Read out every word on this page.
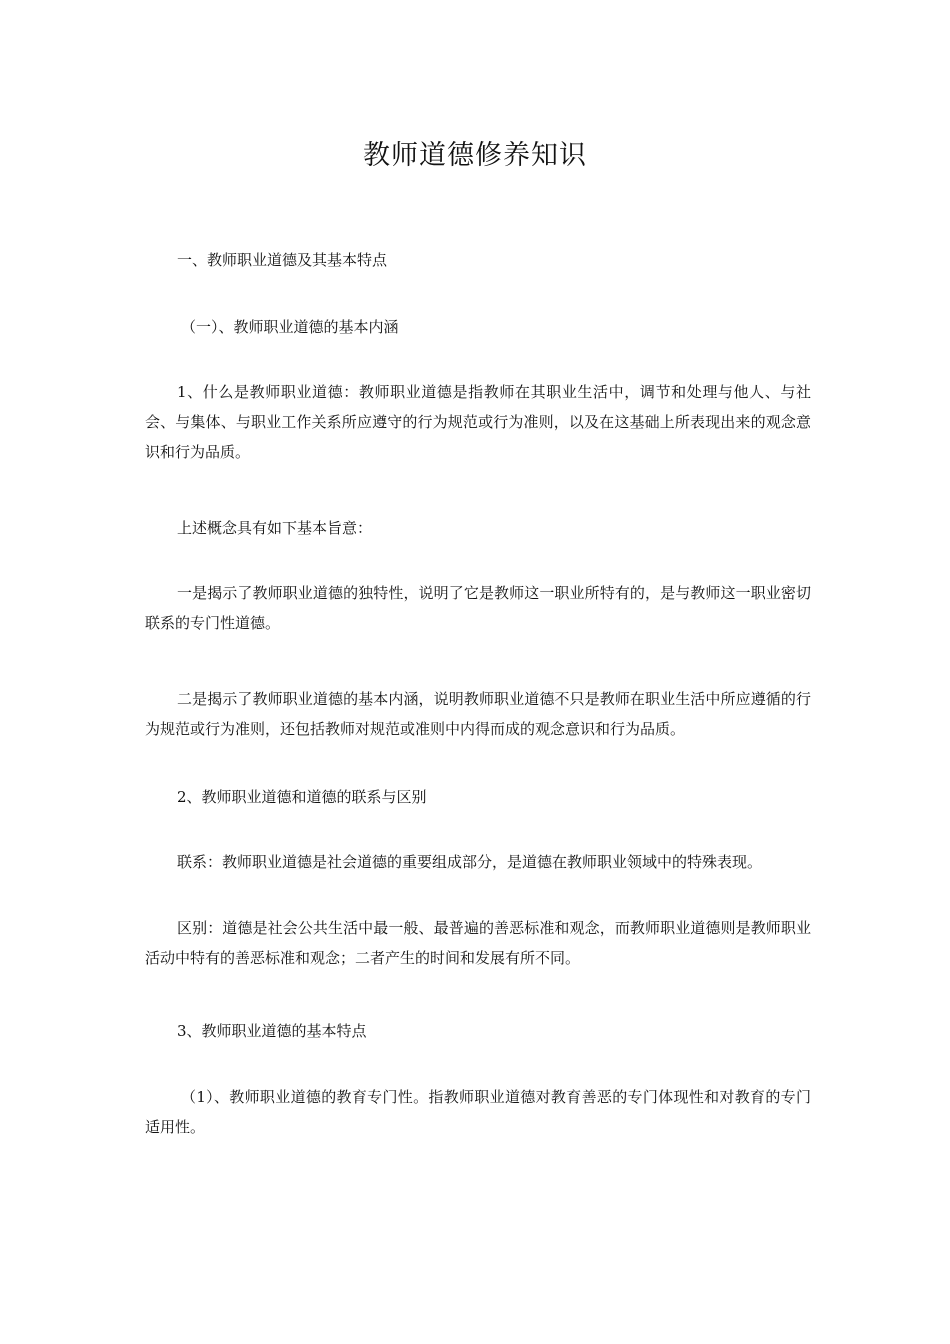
教师道德修养知识

一、教师职业道德及其基本特点

（一）、教师职业道德的基本内涵

1、什么是教师职业道德：教师职业道德是指教师在其职业生活中，调节和处理与他人、与社会、与集体、与职业工作关系所应遵守的行为规范或行为准则，以及在这基础上所表现出来的观念意识和行为品质。

上述概念具有如下基本旨意：

一是揭示了教师职业道德的独特性，说明了它是教师这一职业所特有的，是与教师这一职业密切联系的专门性道德。

二是揭示了教师职业道德的基本内涵，说明教师职业道德不只是教师在职业生活中所应遵循的行为规范或行为准则，还包括教师对规范或准则中内得而成的观念意识和行为品质。

2、教师职业道德和道德的联系与区别

联系：教师职业道德是社会道德的重要组成部分，是道德在教师职业领域中的特殊表现。

区别：道德是社会公共生活中最一般、最普遍的善恶标准和观念，而教师职业道德则是教师职业活动中特有的善恶标准和观念；二者产生的时间和发展有所不同。

3、教师职业道德的基本特点

（1）、教师职业道德的教育专门性。指教师职业道德对教育善恶的专门体现性和对教育的专门适用性。
